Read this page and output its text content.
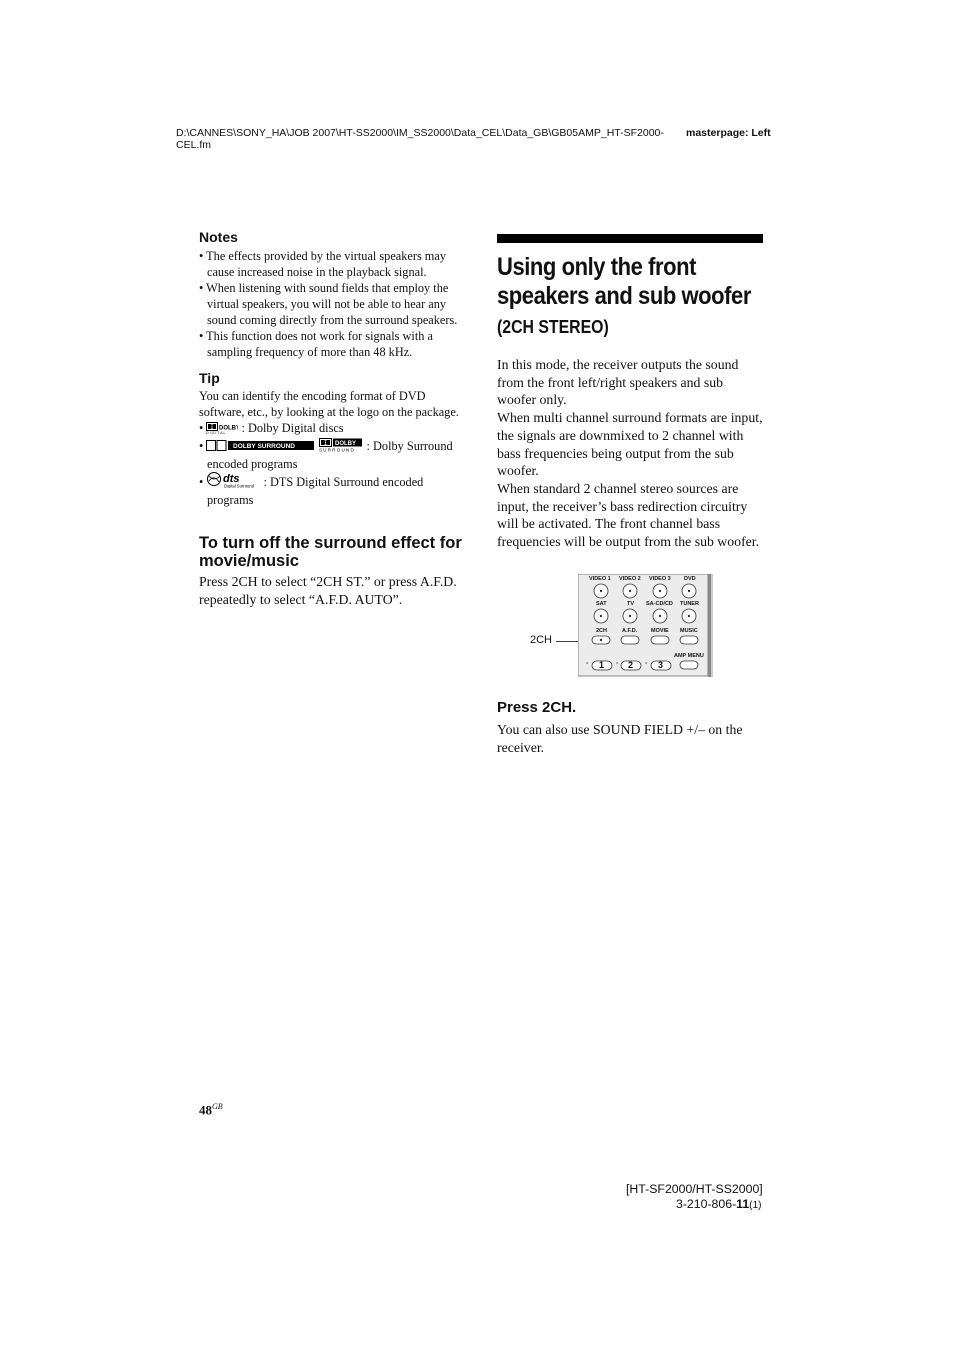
D:\CANNES\SONY_HA\JOB 2007\HT-SS2000\IM_SS2000\Data_CEL\Data_GB\GB05AMP_HT-SF2000-CEL.fm
masterpage: Left
Notes
• The effects provided by the virtual speakers may cause increased noise in the playback signal.
• When listening with sound fields that employ the virtual speakers, you will not be able to hear any sound coming directly from the surround speakers.
• This function does not work for signals with a sampling frequency of more than 48 kHz.
Tip
You can identify the encoding format of DVD software, etc., by looking at the logo on the package.
• DOLBY
D I G I T A L : Dolby Digital discs
•	DOLBY SURROUND
	DOLBY
S U R R O U N D : Dolby Surround encoded programs
• dts
Digital Surround : DTS Digital Surround encoded programs
To turn off the surround effect for movie/music
Press 2CH to select “2CH ST.” or press A.F.D. repeatedly to select “A.F.D. AUTO”.
Using only the front
speakers and sub woofer
(2CH STEREO)

In this mode, the receiver outputs the sound from the front left/right speakers and sub woofer only.

When multi channel surround formats are input, the signals are downmixed to 2 channel with bass frequencies being output from the sub woofer.

When standard 2 channel stereo sources are input, the receiver’s bass redirection circuitry will be activated. The front channel bass frequencies will be output from the sub woofer.

2CH
°	°	°
VIDEO 1 VIDEO 2 VIDEO 3 DVD
SAT	TV SA-CD/CD TUNER
2CH	A.F.D. MOVIE MUSIC
AMP MENU
1	2	3
Press 2CH.
You can also use SOUND FIELD +/– on the receiver.
$48^{GB}$
[HT-SF2000/HT-SS2000]
3-210-806-11(1)
